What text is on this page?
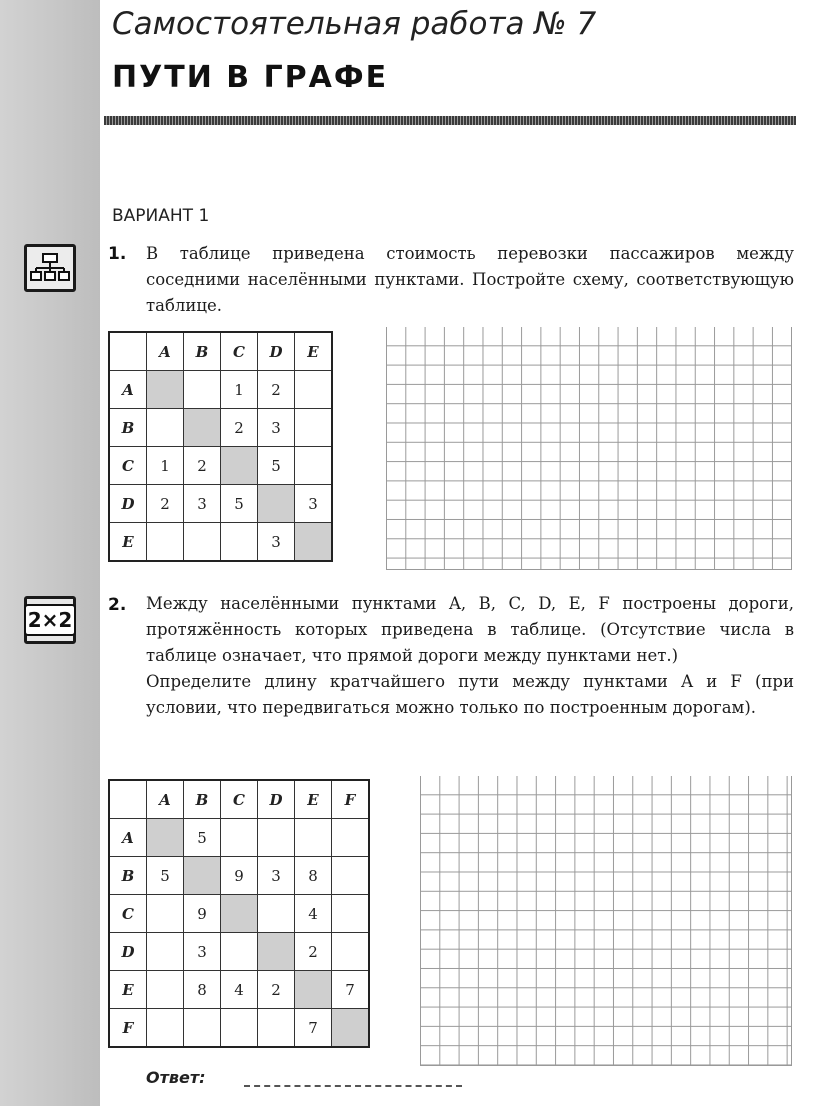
Самостоятельная работа № 7
ПУТИ В ГРАФЕ
ВАРИАНТ 1
1. В таблице приведена стоимость перевозки пассажиров между соседними населёнными пунктами. Постройте схему, соответствующую таблице.

	A	B	C	D	E
A			1	2	
B			2	3	
C	1	2		5	
D	2	3	5		3
E				3	
2×2
2. Между населёнными пунктами A, B, C, D, E, F построены дороги, протяжённость которых приведена в таблице. (Отсутствие числа в таблице означает, что прямой дороги между пунктами нет.)

Определите длину кратчайшего пути между пунктами A и F (при условии, что передвигаться можно только по построенным дорогам).

	A	B	C	D	E	F
A		5				
B	5		9	3	8	
C		9			4	
D		3			2	
E		8	4	2		7
F					7	
Ответ:
